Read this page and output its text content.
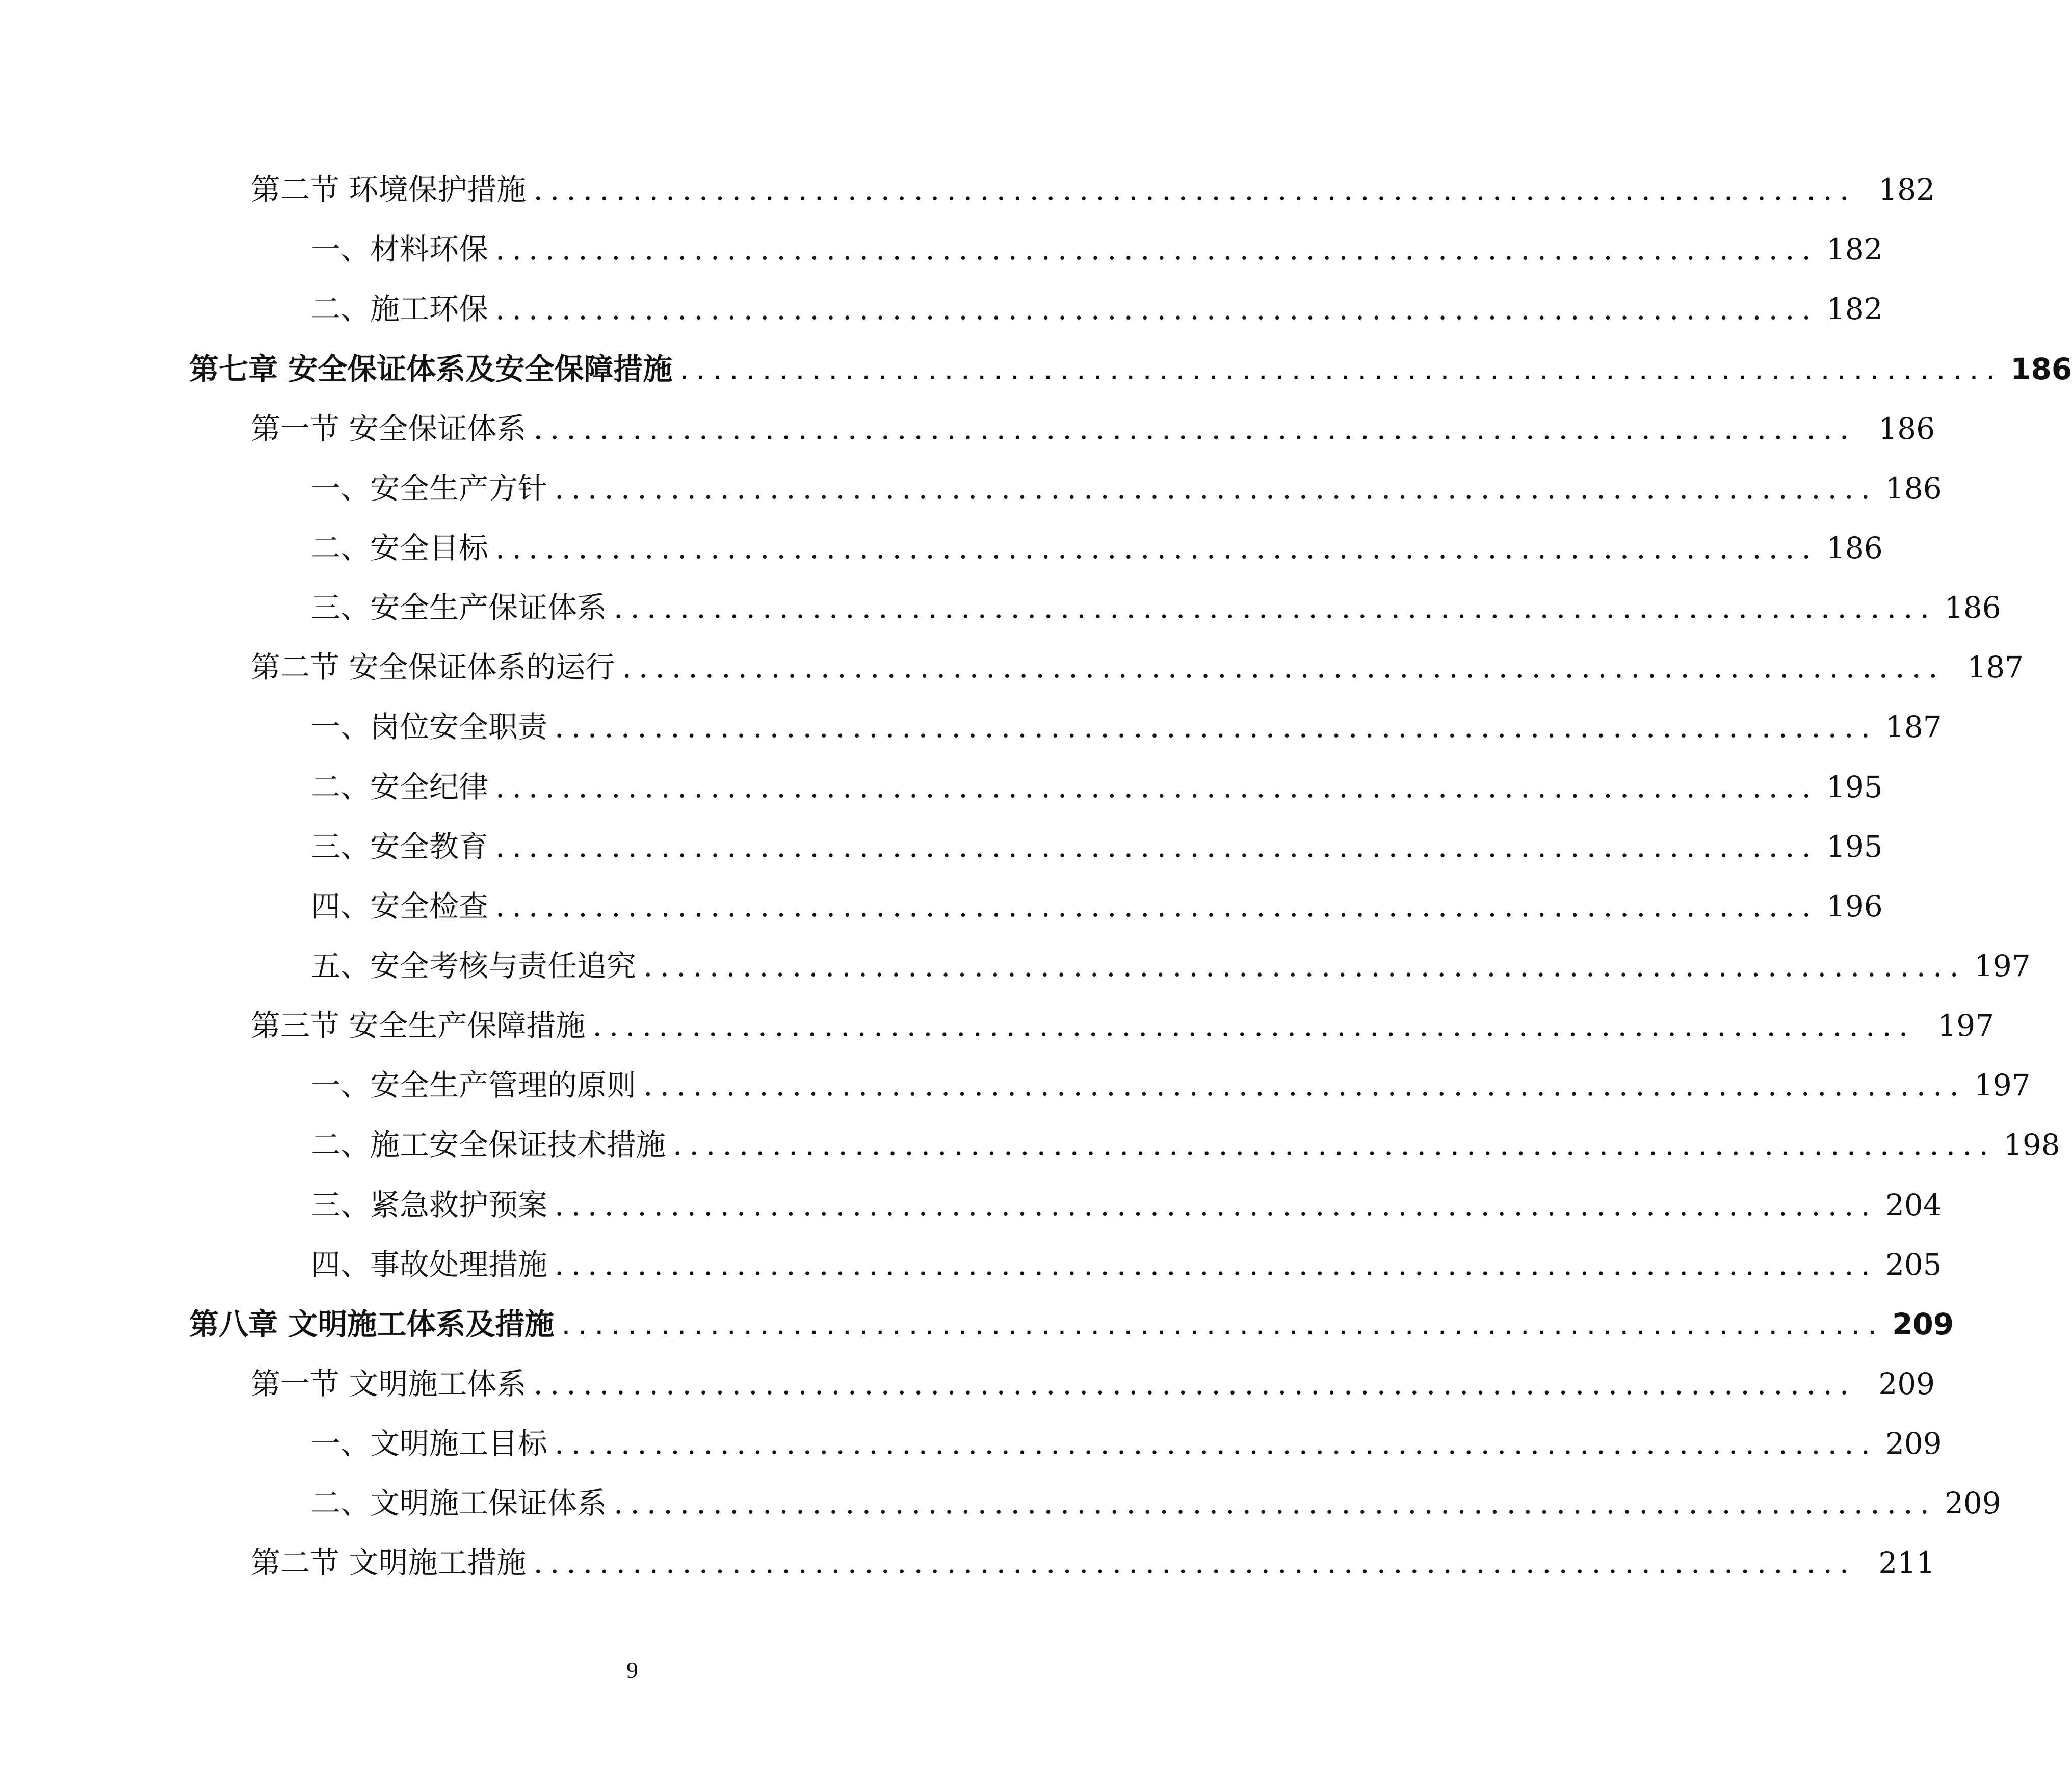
第二节 环境保护措施 ................................................................................ 182
一、材料环保 ................................................................................ 182
二、施工环保 ................................................................................ 182
第七章 安全保证体系及安全保障措施 ................................................................................ 186
第一节 安全保证体系 ................................................................................ 186
一、安全生产方针 ................................................................................ 186
二、安全目标 ................................................................................ 186
三、安全生产保证体系 ................................................................................ 186
第二节 安全保证体系的运行 ................................................................................ 187
一、岗位安全职责 ................................................................................ 187
二、安全纪律 ................................................................................ 195
三、安全教育 ................................................................................ 195
四、安全检查 ................................................................................ 196
五、安全考核与责任追究 ................................................................................ 197
第三节 安全生产保障措施 ................................................................................ 197
一、安全生产管理的原则 ................................................................................ 197
二、施工安全保证技术措施 ................................................................................ 198
三、紧急救护预案 ................................................................................ 204
四、事故处理措施 ................................................................................ 205
第八章 文明施工体系及措施 ................................................................................ 209
第一节 文明施工体系 ................................................................................ 209
一、文明施工目标 ................................................................................ 209
二、文明施工保证体系 ................................................................................ 209
第二节 文明施工措施 ................................................................................ 211
9
